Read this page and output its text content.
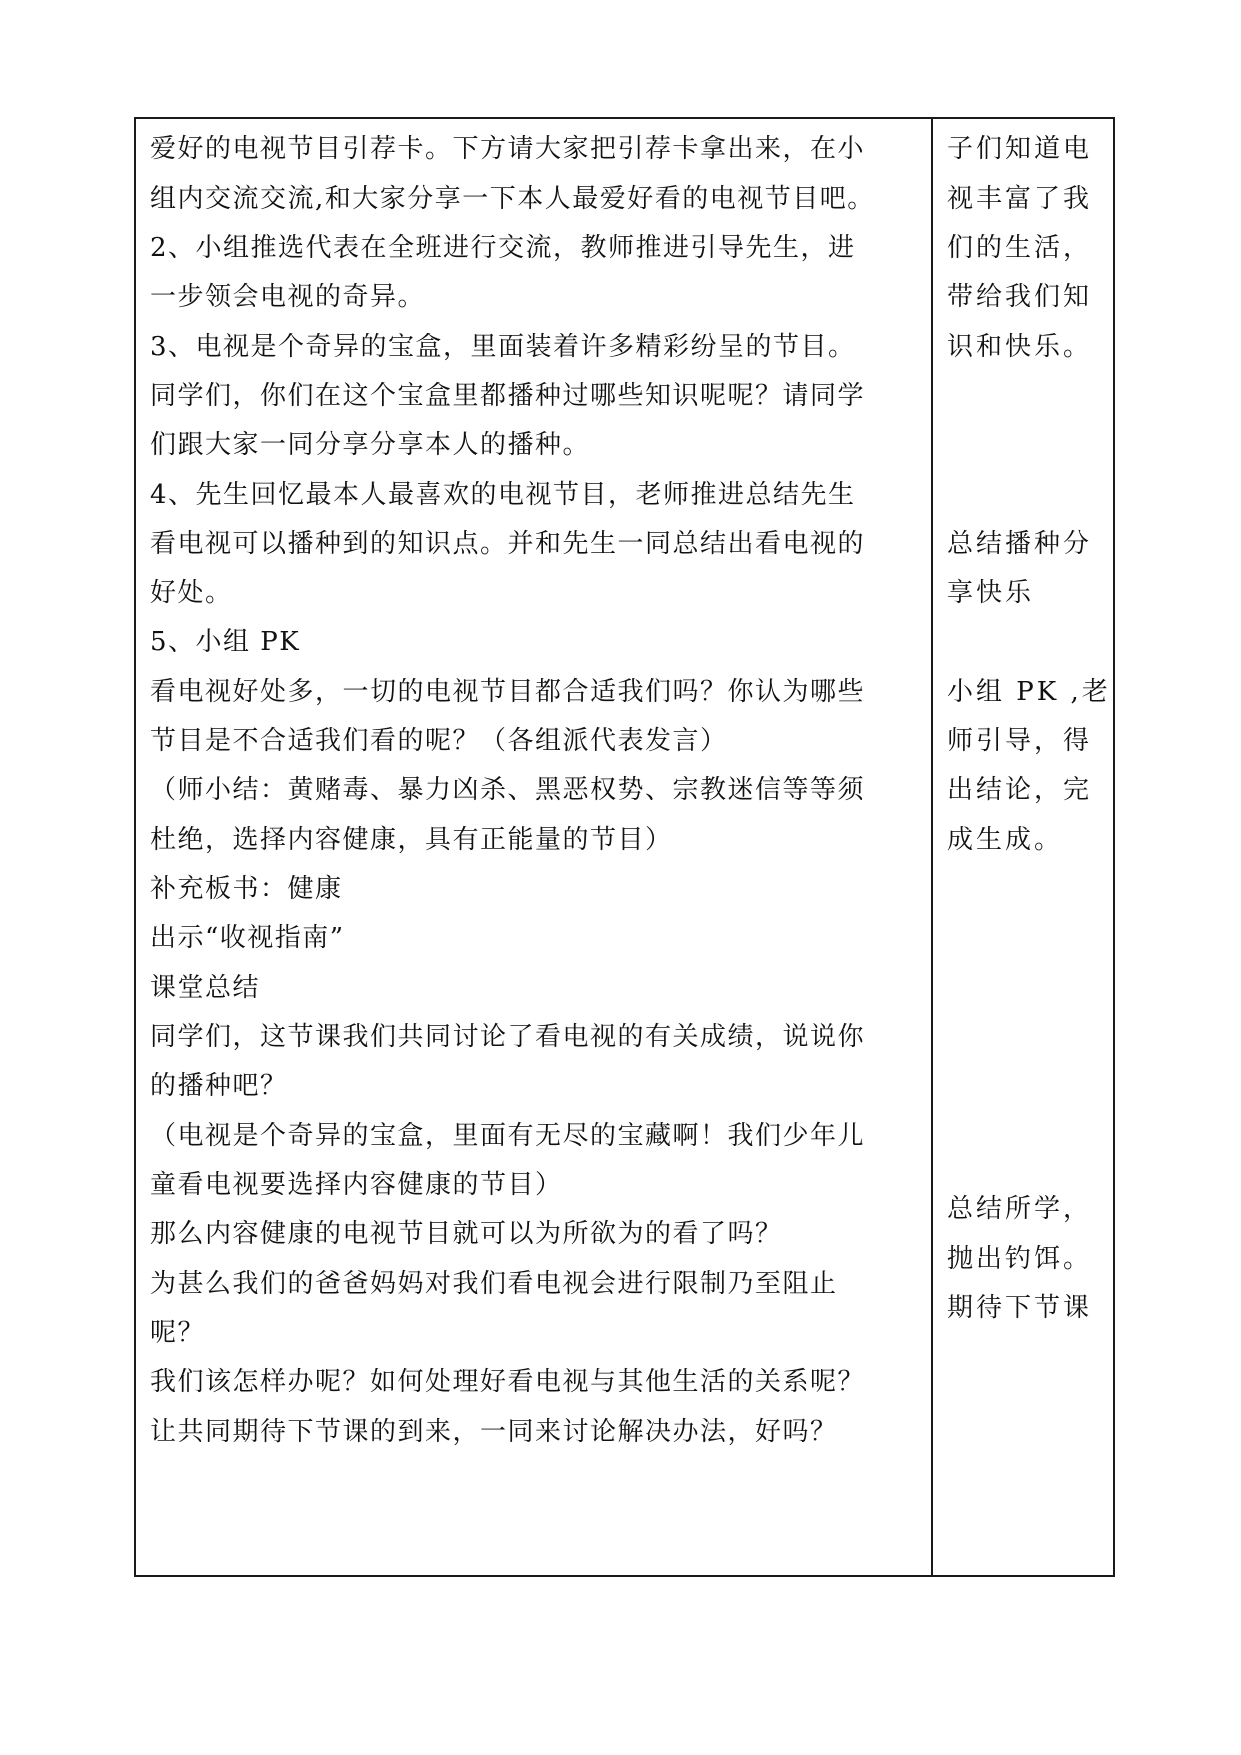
爱好的电视节目引荐卡。下方请大家把引荐卡拿出来，在小
组内交流交流,和大家分享一下本人最爱好看的电视节目吧。
2、小组推选代表在全班进行交流，教师推进引导先生，进
一步领会电视的奇异。
3、电视是个奇异的宝盒，里面装着许多精彩纷呈的节目。
同学们，你们在这个宝盒里都播种过哪些知识呢呢？请同学
们跟大家一同分享分享本人的播种。
4、先生回忆最本人最喜欢的电视节目，老师推进总结先生
看电视可以播种到的知识点。并和先生一同总结出看电视的
好处。
5、小组 PK
看电视好处多，一切的电视节目都合适我们吗？你认为哪些
节目是不合适我们看的呢？（各组派代表发言）
（师小结：黄赌毒、暴力凶杀、黑恶权势、宗教迷信等等须
杜绝，选择内容健康，具有正能量的节目）
补充板书：健康
出示“收视指南”
课堂总结
同学们，这节课我们共同讨论了看电视的有关成绩，说说你
的播种吧？
（电视是个奇异的宝盒，里面有无尽的宝藏啊！我们少年儿
童看电视要选择内容健康的节目）
那么内容健康的电视节目就可以为所欲为的看了吗？
为甚么我们的爸爸妈妈对我们看电视会进行限制乃至阻止
呢？
我们该怎样办呢？如何处理好看电视与其他生活的关系呢？
让共同期待下节课的到来，一同来讨论解决办法，好吗？
子们知道电
视丰富了我
们的生活，
带给我们知
识和快乐。
总结播种分
享快乐
小组 PK ,老
师引导，得
出结论，完
成生成。
总结所学，
抛出钓饵。
期待下节课
